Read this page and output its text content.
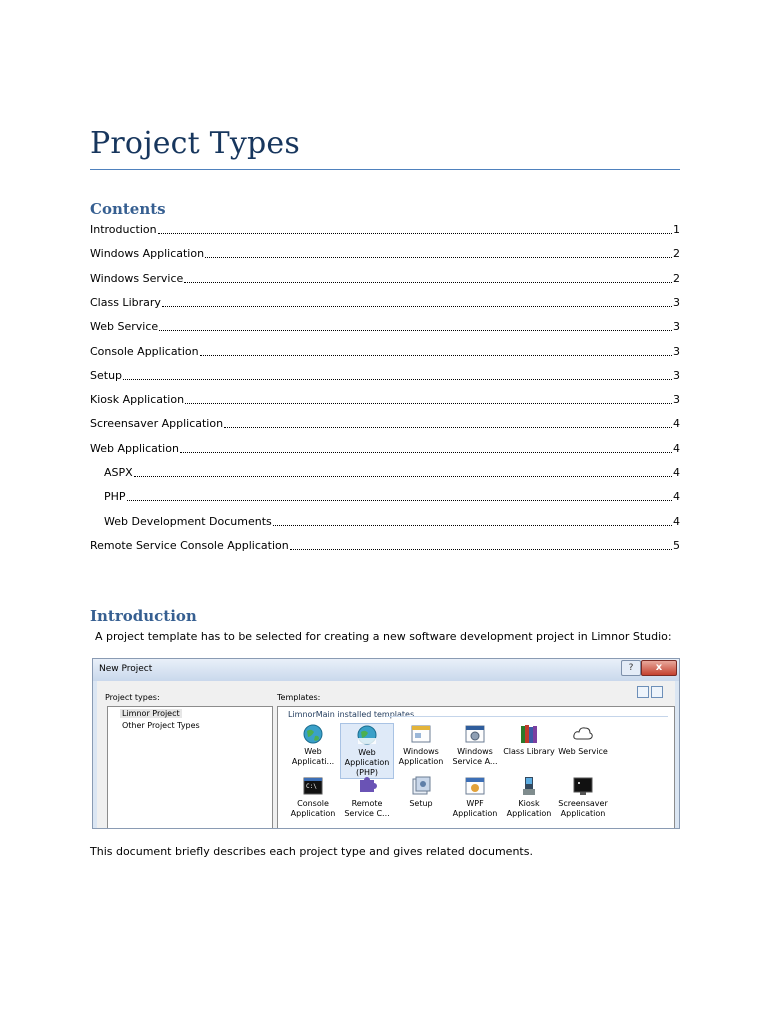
Project Types
Contents
Introduction	1
Windows Application	2
Windows Service	2
Class Library	3
Web Service	3
Console Application	3
Setup	3
Kiosk Application	3
Screensaver Application	4
Web Application	4
ASPX	4
PHP	4
Web Development Documents	4
Remote Service Console Application	5
Introduction
A project template has to be selected for creating a new software development project in Limnor Studio:
New Project	?	x
Project types:	Templates:
Limnor Project
Other Project Types
LimnorMain installed templates
Web
Applicati...
Web
Application
(PHP)
Windows
Application
Windows
Service A...
Class Library Web Service
C:\
Console
Application
Remote
Service C...
Setup	WPF
Application
Kiosk
Application
Screensaver
Application
This document briefly describes each project type and gives related documents.
